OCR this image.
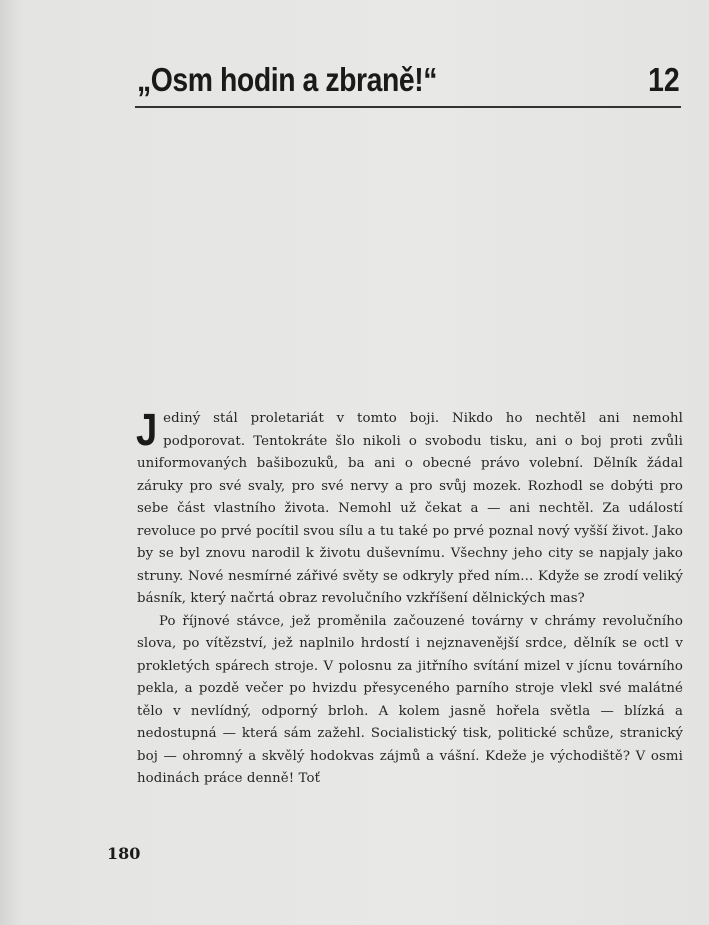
„Osm hodin a zbraně!“	12

Jediný stál proletariát v tomto boji. Nikdo ho nechtěl ani nemohl podporovat. Tentokráte šlo nikoli o svobodu tisku, ani o boj proti zvůli uniformovaných bašibozuků, ba ani o obecné právo volební. Dělník žádal záruky pro své svaly, pro své nervy a pro svůj mozek. Rozhodl se dobýti pro sebe část vlastního života. Nemohl už čekat a — ani nechtěl. Za událostí revoluce po prvé pocítil svou sílu a tu také po prvé poznal nový vyšší život. Jako by se byl znovu narodil k životu duševnímu. Všechny jeho city se napjaly jako struny. Nové nesmírné zářivé světy se odkryly před ním... Kdyže se zrodí veliký básník, který načrtá obraz revolučního vzkříšení dělnických mas?

Po říjnové stávce, jež proměnila začouzené továrny v chrámy revolučního slova, po vítězství, jež naplnilo hrdostí i nejznavenější srdce, dělník se octl v prokletých spárech stroje. V polosnu za jitřního svítání mizel v jícnu továrního pekla, a pozdě večer po hvizdu přesyceného parního stroje vlekl své malátné tělo v nevlídný, odporný brloh. A kolem jasně hořela světla — blízká a nedostupná — která sám zažehl. Socialistický tisk, politické schůze, stranický boj — ohromný a skvělý hodokvas zájmů a vášní. Kdeže je východiště? V osmi hodinách práce denně! Toť

180
